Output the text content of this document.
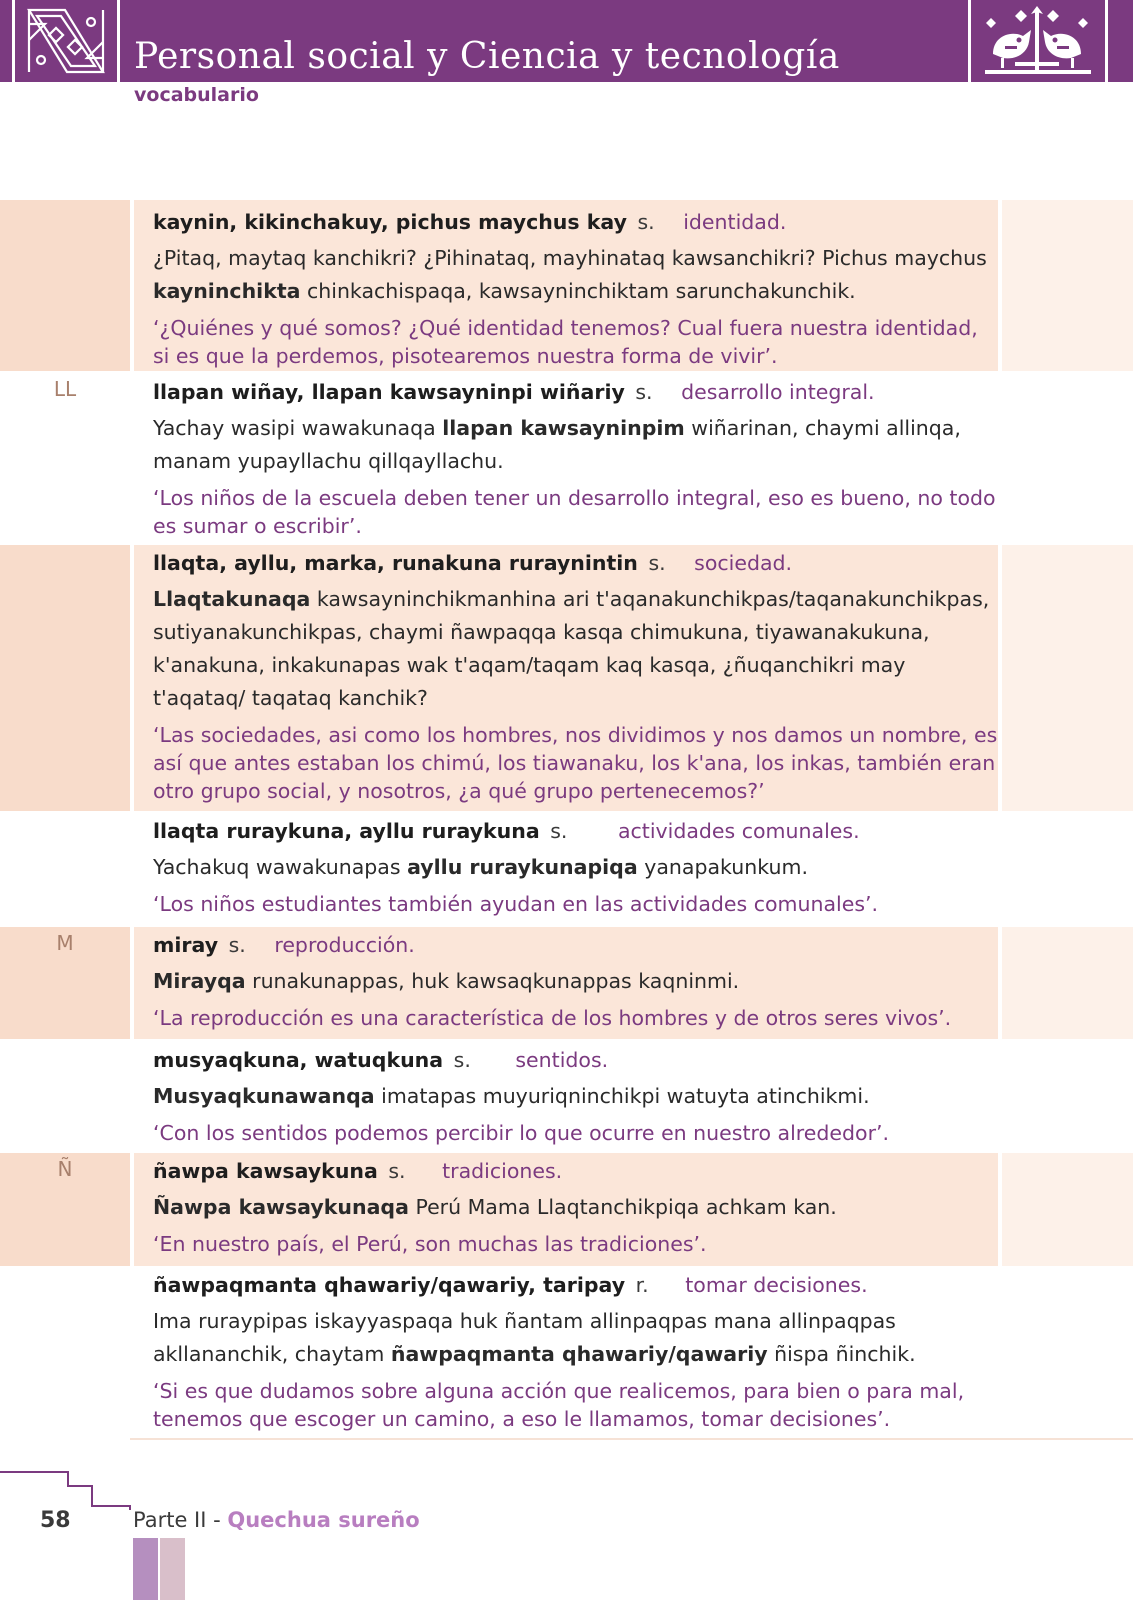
Personal social y Ciencia y tecnología
vocabulario
kaynin, kikinchakuy, pichus maychus kay s. identidad.
¿Pitaq, maytaq kanchikri? ¿Pihinataq, mayhinataq kawsanchikri? Pichus maychus kayninchikta chinkachispaqa, kawsayninchiktam sarunchakunchik.
‘¿Quiénes y qué somos? ¿Qué identidad tenemos? Cual fuera nuestra identidad, si es que la perdemos, pisotearemos nuestra forma de vivir’.
LL	llapan wiñay, llapan kawsayninpi wiñariy s. desarrollo integral.
Yachay wasipi wawakunaqa llapan kawsayninpim wiñarinan, chaymi allinqa, manam yupayllachu qillqayllachu.
‘Los niños de la escuela deben tener un desarrollo integral, eso es bueno, no todo es sumar o escribir’.
llaqta, ayllu, marka, runakuna ruraynintin s. sociedad.
Llaqtakunaqa kawsayninchikmanhina ari t'aqanakunchikpas/taqanakunchikpas, sutiyanakunchikpas, chaymi ñawpaqqa kasqa chimukuna, tiyawanakukuna, k'anakuna, inkakunapas wak t'aqam/taqam kaq kasqa, ¿ñuqanchikri may t'aqataq/ taqataq kanchik?
‘Las sociedades, asi como los hombres, nos dividimos y nos damos un nombre, es así que antes estaban los chimú, los tiawanaku, los k'ana, los inkas, también eran otro grupo social, y nosotros, ¿a qué grupo pertenecemos?’
llaqta ruraykuna, ayllu ruraykuna s. actividades comunales.
Yachakuq wawakunapas ayllu ruraykunapiqa yanapakunkum.
‘Los niños estudiantes también ayudan en las actividades comunales’.
M	miray s. reproducción.
Mirayqa runakunappas, huk kawsaqkunappas kaqninmi.
‘La reproducción es una característica de los hombres y de otros seres vivos’.
musyaqkuna, watuqkuna s. sentidos.
Musyaqkunawanqa imatapas muyuriqninchikpi watuyta atinchikmi.
‘Con los sentidos podemos percibir lo que ocurre en nuestro alrededor’.
Ñ	ñawpa kawsaykuna s. tradiciones.
Ñawpa kawsaykunaqa Perú Mama Llaqtanchikpiqa achkam kan.
‘En nuestro país, el Perú, son muchas las tradiciones’.
ñawpaqmanta qhawariy/qawariy, taripay r. tomar decisiones.
Ima ruraypipas iskayyaspaqa huk ñantam allinpaqpas mana allinpaqpas akllananchik, chaytam ñawpaqmanta qhawariy/qawariy ñispa ñinchik.
‘Si es que dudamos sobre alguna acción que realicemos, para bien o para mal, tenemos que escoger un camino, a eso le llamamos, tomar decisiones’.
58	Parte II - Quechua sureño
